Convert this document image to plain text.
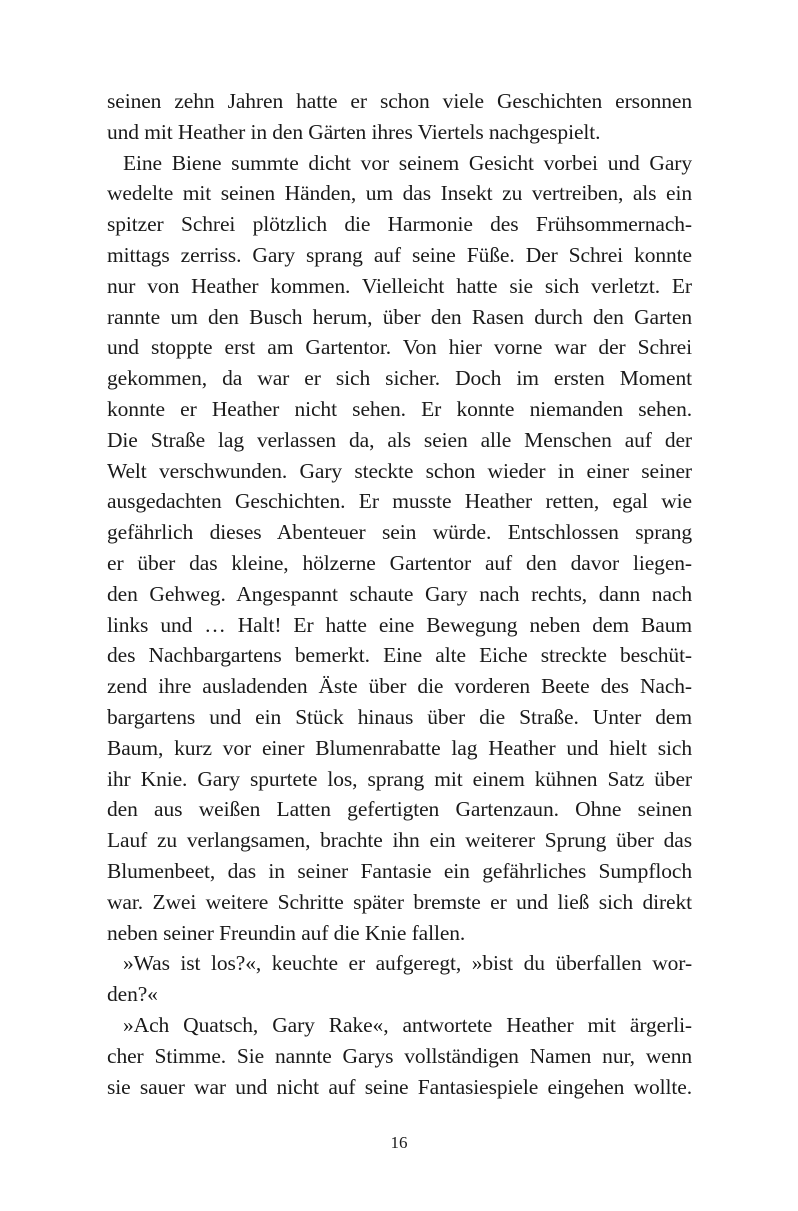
seinen zehn Jahren hatte er schon viele Geschichten ersonnen
und mit Heather in den Gärten ihres Viertels nachgespielt.
Eine Biene summte dicht vor seinem Gesicht vorbei und Gary
wedelte mit seinen Händen, um das Insekt zu vertreiben, als ein
spitzer Schrei plötzlich die Harmonie des Frühsommernach-
mittags zerriss. Gary sprang auf seine Füße. Der Schrei konnte
nur von Heather kommen. Vielleicht hatte sie sich verletzt. Er
rannte um den Busch herum, über den Rasen durch den Garten
und stoppte erst am Gartentor. Von hier vorne war der Schrei
gekommen, da war er sich sicher. Doch im ersten Moment
konnte er Heather nicht sehen. Er konnte niemanden sehen.
Die Straße lag verlassen da, als seien alle Menschen auf der
Welt verschwunden. Gary steckte schon wieder in einer seiner
ausgedachten Geschichten. Er musste Heather retten, egal wie
gefährlich dieses Abenteuer sein würde. Entschlossen sprang
er über das kleine, hölzerne Gartentor auf den davor liegen-
den Gehweg. Angespannt schaute Gary nach rechts, dann nach
links und … Halt! Er hatte eine Bewegung neben dem Baum
des Nachbargartens bemerkt. Eine alte Eiche streckte beschüt-
zend ihre ausladenden Äste über die vorderen Beete des Nach-
bargartens und ein Stück hinaus über die Straße. Unter dem
Baum, kurz vor einer Blumenrabatte lag Heather und hielt sich
ihr Knie. Gary spurtete los, sprang mit einem kühnen Satz über
den aus weißen Latten gefertigten Gartenzaun. Ohne seinen
Lauf zu verlangsamen, brachte ihn ein weiterer Sprung über das
Blumenbeet, das in seiner Fantasie ein gefährliches Sumpfloch
war. Zwei weitere Schritte später bremste er und ließ sich direkt
neben seiner Freundin auf die Knie fallen.
»Was ist los?«, keuchte er aufgeregt, »bist du überfallen wor-
den?«
»Ach Quatsch, Gary Rake«, antwortete Heather mit ärgerli-
cher Stimme. Sie nannte Garys vollständigen Namen nur, wenn
sie sauer war und nicht auf seine Fantasiespiele eingehen wollte.
16
